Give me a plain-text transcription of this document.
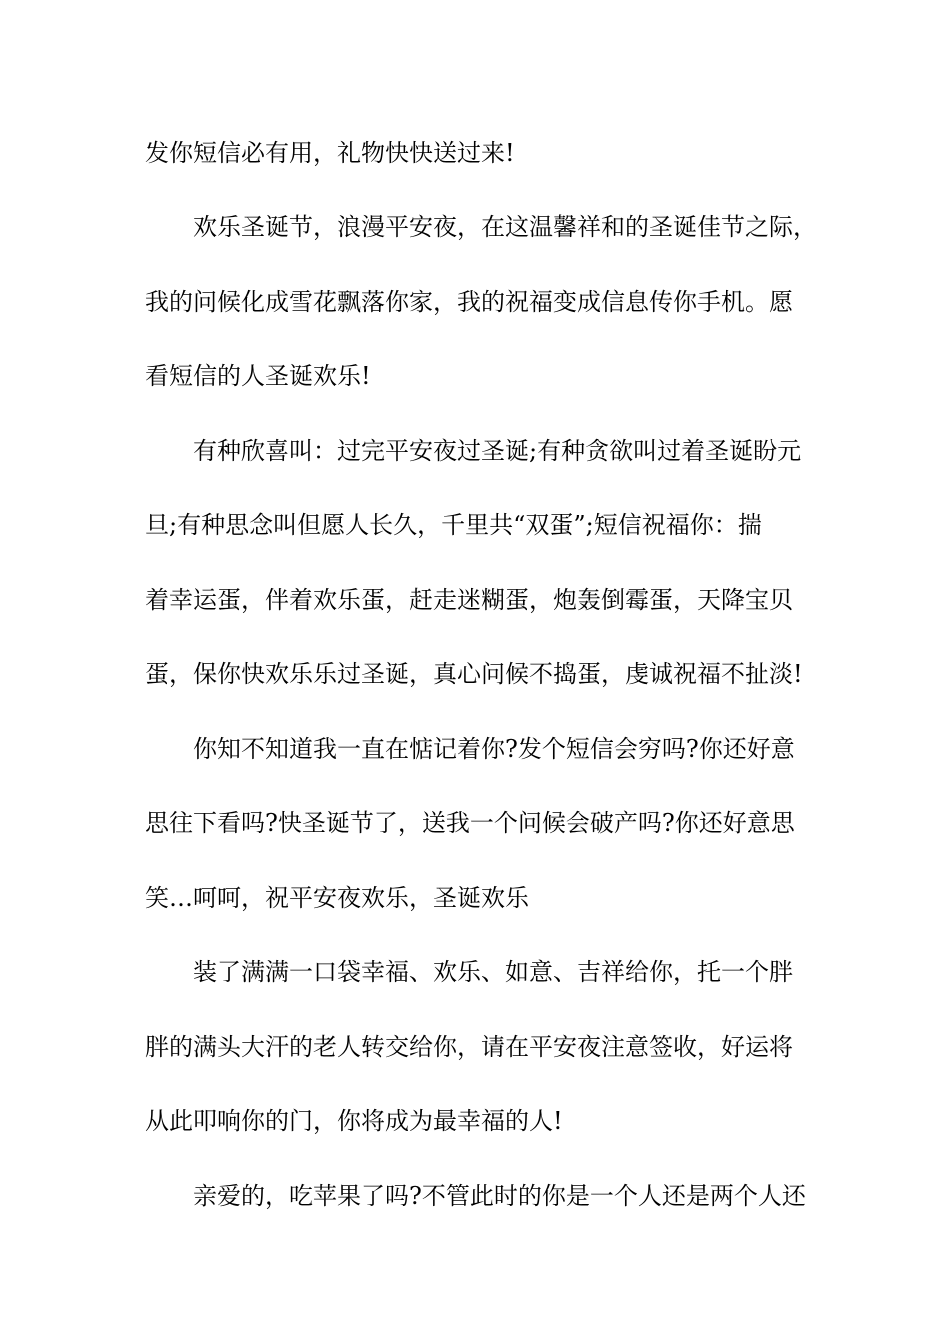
发你短信必有用，礼物快快送过来!
欢乐圣诞节，浪漫平安夜，在这温馨祥和的圣诞佳节之际，
我的问候化成雪花飘落你家，我的祝福变成信息传你手机。愿
看短信的人圣诞欢乐!
有种欣喜叫：过完平安夜过圣诞;有种贪欲叫过着圣诞盼元
旦;有种思念叫但愿人长久，千里共“双蛋”;短信祝福你：揣
着幸运蛋，伴着欢乐蛋，赶走迷糊蛋，炮轰倒霉蛋，天降宝贝
蛋，保你快欢乐乐过圣诞，真心问候不捣蛋，虔诚祝福不扯淡!
你知不知道我一直在惦记着你?发个短信会穷吗?你还好意
思往下看吗?快圣诞节了，送我一个问候会破产吗?你还好意思
笑…呵呵，祝平安夜欢乐，圣诞欢乐
装了满满一口袋幸福、欢乐、如意、吉祥给你，托一个胖
胖的满头大汗的老人转交给你，请在平安夜注意签收，好运将
从此叩响你的门，你将成为最幸福的人!
亲爱的，吃苹果了吗?不管此时的你是一个人还是两个人还
